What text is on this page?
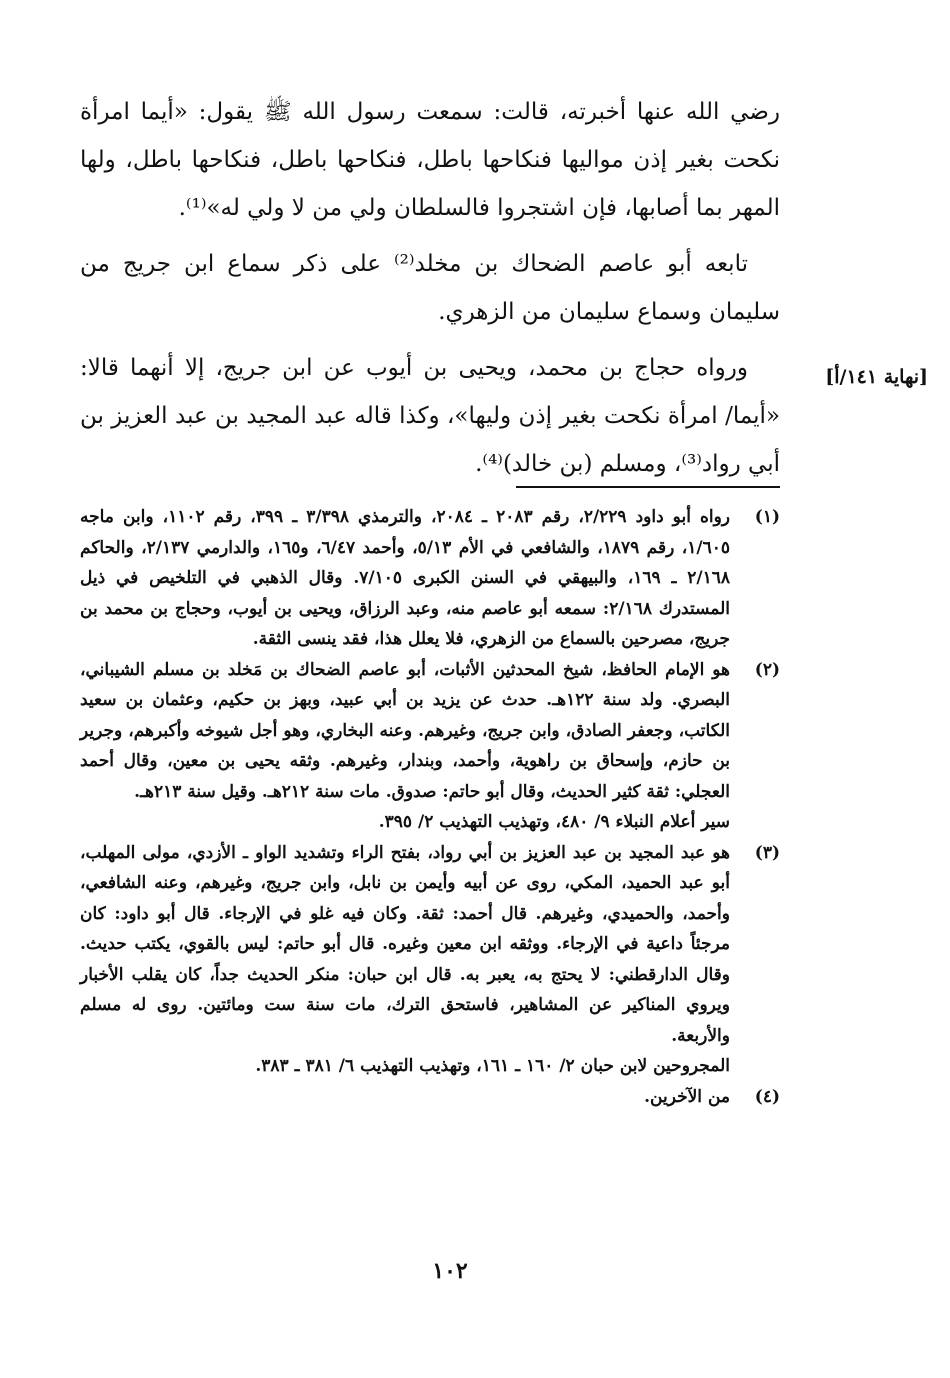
رضي الله عنها أخبرته، قالت: سمعت رسول الله ﷺ يقول: «أيما امرأة نكحت بغير إذن مواليها فنكاحها باطل، فنكاحها باطل، فنكاحها باطل، ولها المهر بما أصابها، فإن اشتجروا فالسلطان ولي من لا ولي له»⁽¹⁾.

تابعه أبو عاصم الضحاك بن مخلد⁽²⁾ على ذكر سماع ابن جريج من سليمان وسماع سليمان من الزهري.

ورواه حجاج بن محمد، ويحيى بن أيوب عن ابن جريج، إلا أنهما قالا: «أيما/ امرأة نكحت بغير إذن وليها»، وكذا قاله عبد المجيد بن عبد العزيز بن أبي رواد⁽³⁾، ومسلم (بن خالد)⁽⁴⁾.

[نهاية ١٤١/أ]
(١)
رواه أبو داود ٢/٢٢٩، رقم ٢٠٨٣ ـ ٢٠٨٤، والترمذي ٣/٣٩٨ ـ ٣٩٩، رقم ١١٠٢، وابن ماجه ١/٦٠٥، رقم ١٨٧٩، والشافعي في الأم ٥/١٣، وأحمد ٦/٤٧، و١٦٥، والدارمي ٢/١٣٧، والحاكم ٢/١٦٨ ـ ١٦٩، والبيهقي في السنن الكبرى ٧/١٠٥. وقال الذهبي في التلخيص في ذيل المستدرك ٢/١٦٨: سمعه أبو عاصم منه، وعبد الرزاق، ويحيى بن أيوب، وحجاج بن محمد بن جريج، مصرحين بالسماع من الزهري، فلا يعلل هذا، فقد ينسى الثقة.
(٢)
هو الإمام الحافظ، شيخ المحدثين الأثبات، أبو عاصم الضحاك بن مَخلد بن مسلم الشيباني، البصري. ولد سنة ١٢٢هـ. حدث عن يزيد بن أبي عبيد، وبهز بن حكيم، وعثمان بن سعيد الكاتب، وجعفر الصادق، وابن جريج، وغيرهم. وعنه البخاري، وهو أجل شيوخه وأكبرهم، وجرير بن حازم، وإسحاق بن راهوية، وأحمد، وبندار، وغيرهم. وثقه يحيى بن معين، وقال أحمد العجلي: ثقة كثير الحديث، وقال أبو حاتم: صدوق. مات سنة ٢١٢هـ. وقيل سنة ٢١٣هـ.
سير أعلام النبلاء ٩/ ٤٨٠، وتهذيب التهذيب ٢/ ٣٩٥.
(٣)
هو عبد المجيد بن عبد العزيز بن أبي رواد، بفتح الراء وتشديد الواو ـ الأزدي، مولى المهلب، أبو عبد الحميد، المكي، روى عن أبيه وأيمن بن نابل، وابن جريج، وغيرهم، وعنه الشافعي، وأحمد، والحميدي، وغيرهم. قال أحمد: ثقة. وكان فيه غلو في الإرجاء. قال أبو داود: كان مرجئاً داعية في الإرجاء. ووثقه ابن معين وغيره. قال أبو حاتم: ليس بالقوي، يكتب حديث. وقال الدارقطني: لا يحتج به، يعبر به. قال ابن حبان: منكر الحديث جداً، كان يقلب الأخبار ويروي المناكير عن المشاهير، فاستحق الترك، مات سنة ست ومائتين. روى له مسلم والأربعة.
المجروحين لابن حبان ٢/ ١٦٠ ـ ١٦١، وتهذيب التهذيب ٦/ ٣٨١ ـ ٣٨٣.
(٤)
من الآخرين.
١٠٢
